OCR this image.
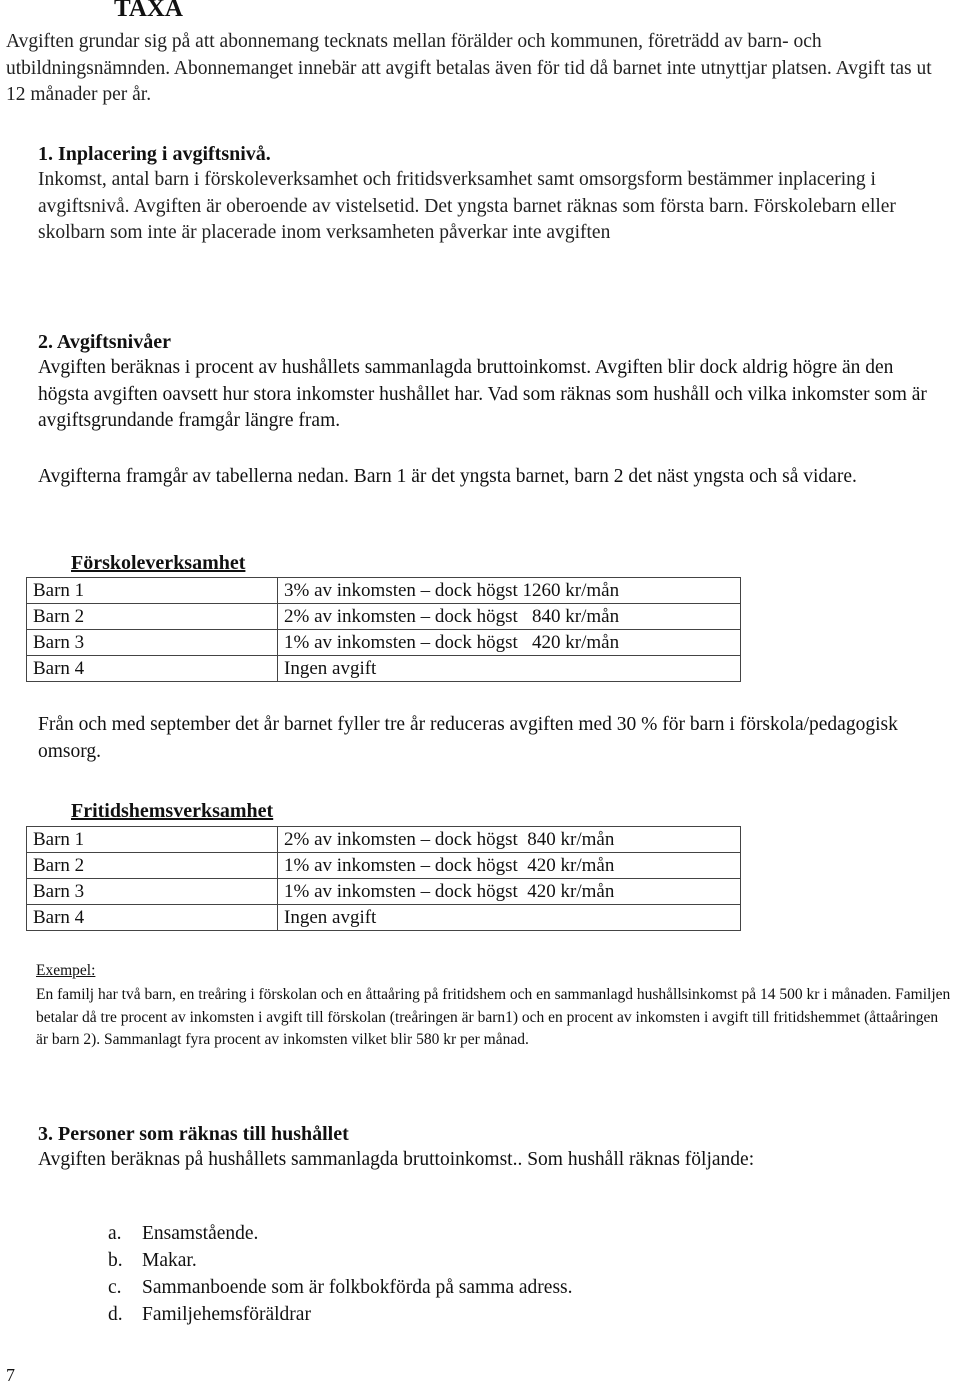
TAXA
Avgiften grundar sig på att abonnemang tecknats mellan förälder och kommunen, företrädd av barn- och utbildningsnämnden. Abonnemanget innebär att avgift betalas även för tid då barnet inte utnyttjar platsen. Avgift tas ut 12 månader per år.
1. Inplacering i avgiftsnivå.
Inkomst, antal barn i förskoleverksamhet och fritidsverksamhet samt omsorgsform bestämmer inplacering i avgiftsnivå. Avgiften är oberoende av vistelsetid. Det yngsta barnet räknas som första barn. Förskolebarn eller skolbarn som inte är placerade inom verksamheten påverkar inte avgiften
2. Avgiftsnivåer
Avgiften beräknas i procent av hushållets sammanlagda bruttoinkomst. Avgiften blir dock aldrig högre än den högsta avgiften oavsett hur stora inkomster hushållet har. Vad som räknas som hushåll och vilka inkomster som är avgiftsgrundande framgår längre fram.
Avgifterna framgår av tabellerna nedan. Barn 1 är det yngsta barnet, barn 2 det näst yngsta och så vidare.
Förskoleverksamhet
Barn 1	3% av inkomsten – dock högst 1260 kr/mån
Barn 2	2% av inkomsten – dock högst   840 kr/mån
Barn 3	1% av inkomsten – dock högst   420 kr/mån
Barn 4	Ingen avgift
Från och med september det år barnet fyller tre år reduceras avgiften med 30 % för barn i förskola/pedagogisk omsorg.
Fritidshemsverksamhet
Barn 1	2% av inkomsten – dock högst  840 kr/mån
Barn 2	1% av inkomsten – dock högst  420 kr/mån
Barn 3	1% av inkomsten – dock högst  420 kr/mån
Barn 4	Ingen avgift
Exempel:
En familj har två barn, en treåring i förskolan och en åttaåring på fritidshem och en sammanlagd hushållsinkomst på 14 500 kr i månaden. Familjen betalar då tre procent av inkomsten i avgift till förskolan (treåringen är barn1) och en procent av inkomsten i avgift till fritidshemmet (åttaåringen är barn 2). Sammanlagt fyra procent av inkomsten vilket blir 580 kr per månad.
3. Personer som räknas till hushållet
Avgiften beräknas på hushållets sammanlagda bruttoinkomst.. Som hushåll räknas följande:
a. Ensamstående.
b. Makar.
c. Sammanboende som är folkbokförda på samma adress.
d. Familjehemsföräldrar
7
